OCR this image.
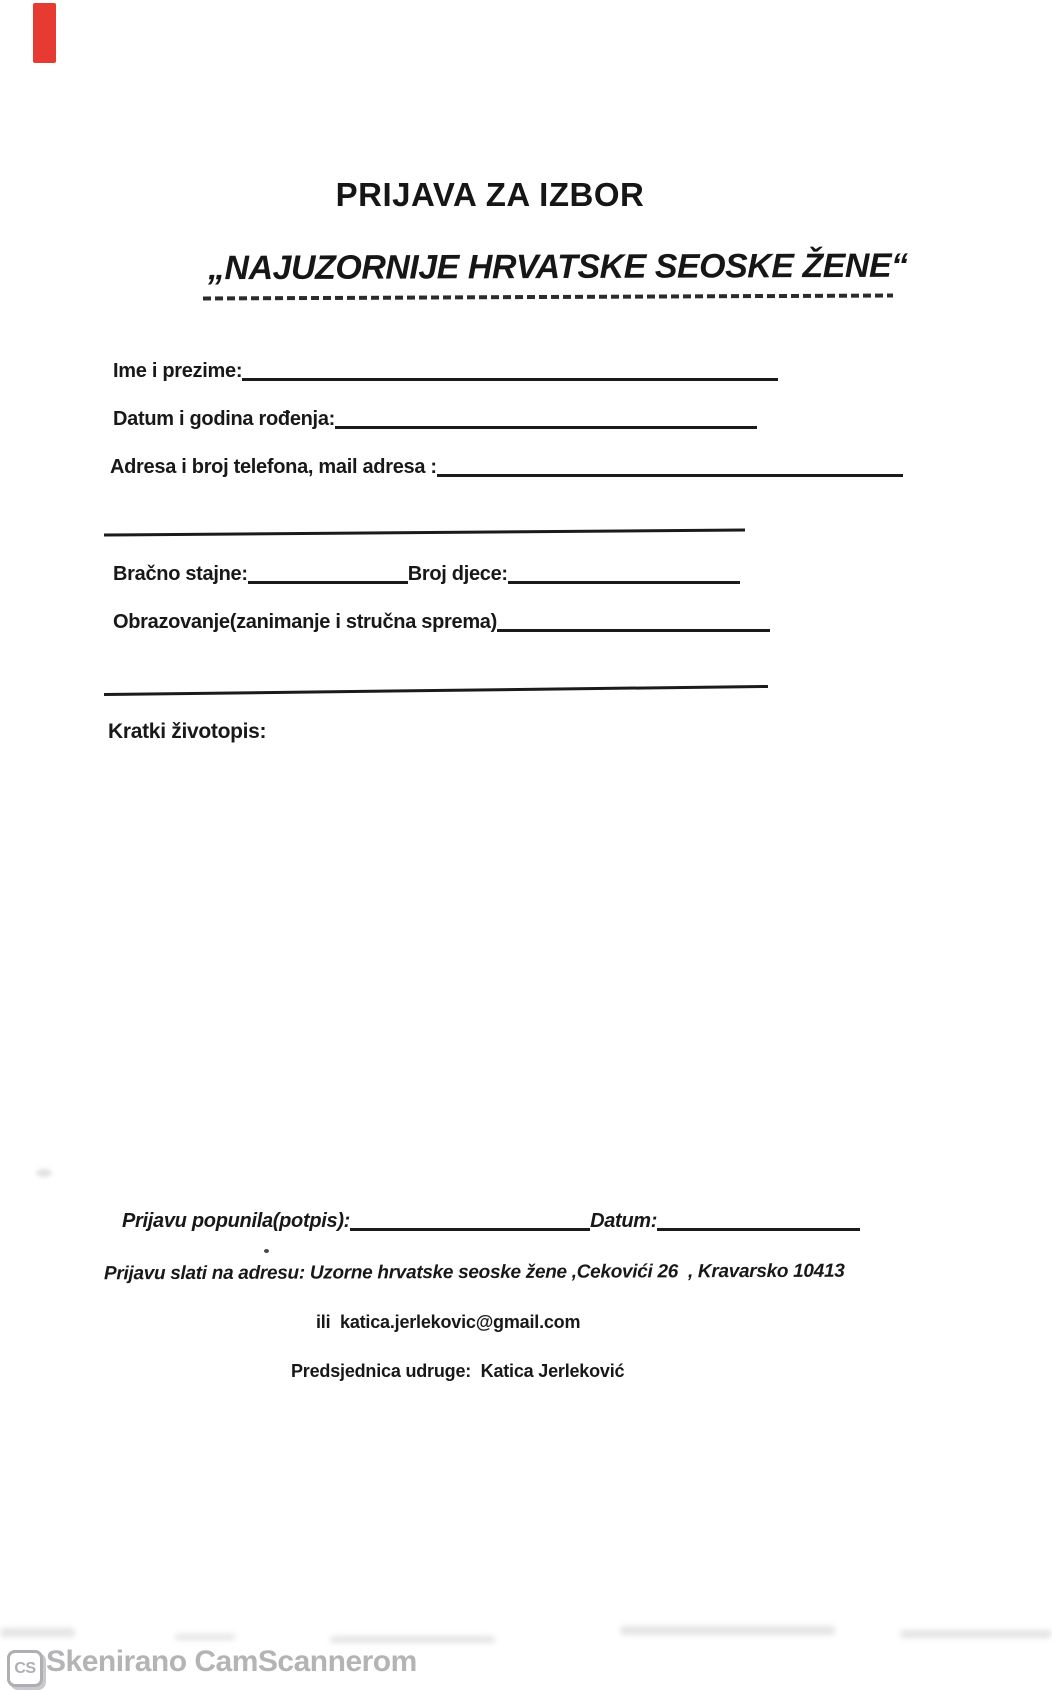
PRIJAVA ZA IZBOR
„NAJUZORNIJE HRVATSKE SEOSKE ŽENE“
Ime i prezime:
Datum i godina rođenja:
Adresa i broj telefona, mail adresa :
Bračno stajne:	Broj djece:
Obrazovanje(zanimanje i stručna sprema)
Kratki životopis:
Prijavu popunila(potpis):	Datum:
Prijavu slati na adresu: Uzorne hrvatske seoske žene ,Cekovići 26  , Kravarsko 10413
ili  katica.jerlekovic@gmail.com
Predsjednica udruge:  Katica Jerleković
CS Skenirano CamScannerom
